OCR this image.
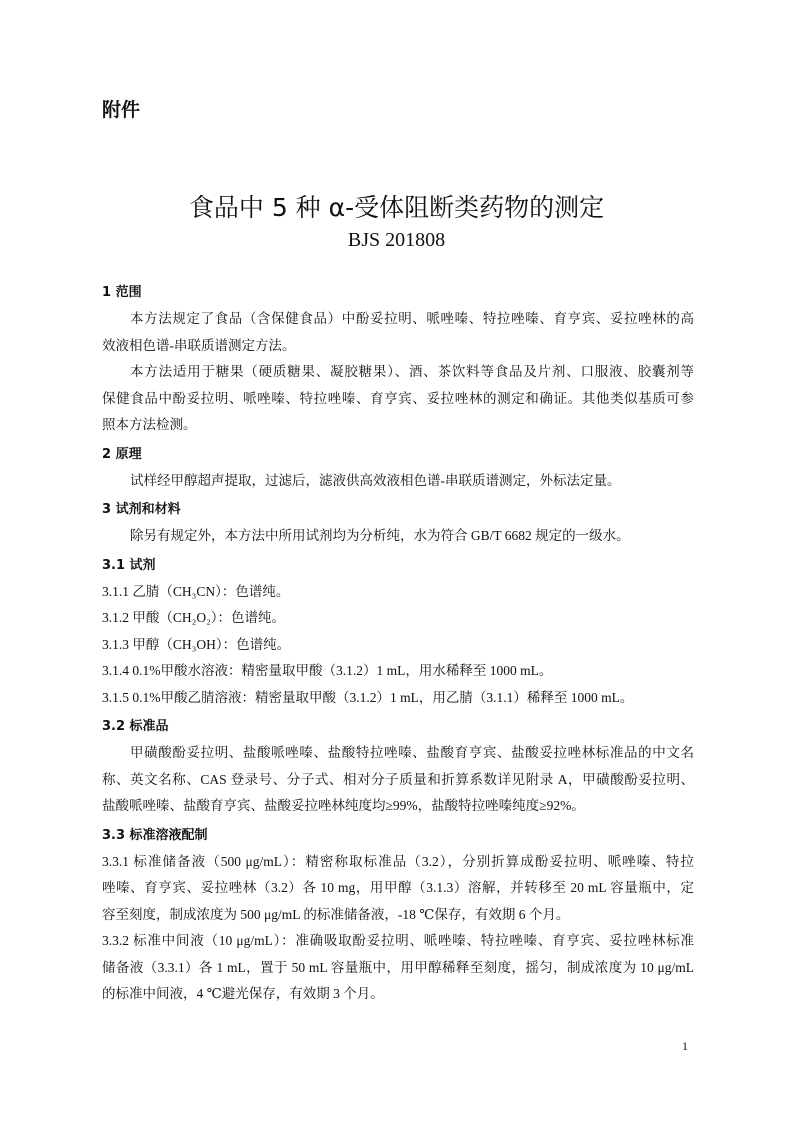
附件
食品中 5 种 α-受体阻断类药物的测定
BJS 201808
1 范围
本方法规定了食品（含保健食品）中酚妥拉明、哌唑嗪、特拉唑嗪、育亨宾、妥拉唑林的高
效液相色谱-串联质谱测定方法。
本方法适用于糖果（硬质糖果、凝胶糖果）、酒、茶饮料等食品及片剂、口服液、胶囊剂等
保健食品中酚妥拉明、哌唑嗪、特拉唑嗪、育亨宾、妥拉唑林的测定和确证。其他类似基质可参
照本方法检测。
2 原理
试样经甲醇超声提取，过滤后，滤液供高效液相色谱-串联质谱测定，外标法定量。
3 试剂和材料
除另有规定外，本方法中所用试剂均为分析纯，水为符合 GB/T 6682 规定的一级水。
3.1 试剂
3.1.1 乙腈（CH₃CN）：色谱纯。
3.1.2 甲酸（CH₂O₂）：色谱纯。
3.1.3 甲醇（CH₃OH）：色谱纯。
3.1.4 0.1%甲酸水溶液：精密量取甲酸（3.1.2）1 mL，用水稀释至 1000 mL。
3.1.5 0.1%甲酸乙腈溶液：精密量取甲酸（3.1.2）1 mL，用乙腈（3.1.1）稀释至 1000 mL。
3.2 标准品
甲磺酸酚妥拉明、盐酸哌唑嗪、盐酸特拉唑嗪、盐酸育亨宾、盐酸妥拉唑林标准品的中文名
称、英文名称、CAS 登录号、分子式、相对分子质量和折算系数详见附录 A，甲磺酸酚妥拉明、
盐酸哌唑嗪、盐酸育亨宾、盐酸妥拉唑林纯度均≥99%，盐酸特拉唑嗪纯度≥92%。
3.3 标准溶液配制
3.3.1 标准储备液（500 μg/mL）：精密称取标准品（3.2），分别折算成酚妥拉明、哌唑嗪、特拉
唑嗪、育亨宾、妥拉唑林（3.2）各 10 mg，用甲醇（3.1.3）溶解，并转移至 20 mL 容量瓶中，定
容至刻度，制成浓度为 500 μg/mL 的标准储备液，-18 ℃保存，有效期 6 个月。
3.3.2 标准中间液（10 μg/mL）：准确吸取酚妥拉明、哌唑嗪、特拉唑嗪、育亨宾、妥拉唑林标准
储备液（3.3.1）各 1 mL，置于 50 mL 容量瓶中，用甲醇稀释至刻度，摇匀，制成浓度为 10 μg/mL
的标准中间液，4 ℃避光保存，有效期 3 个月。
1
